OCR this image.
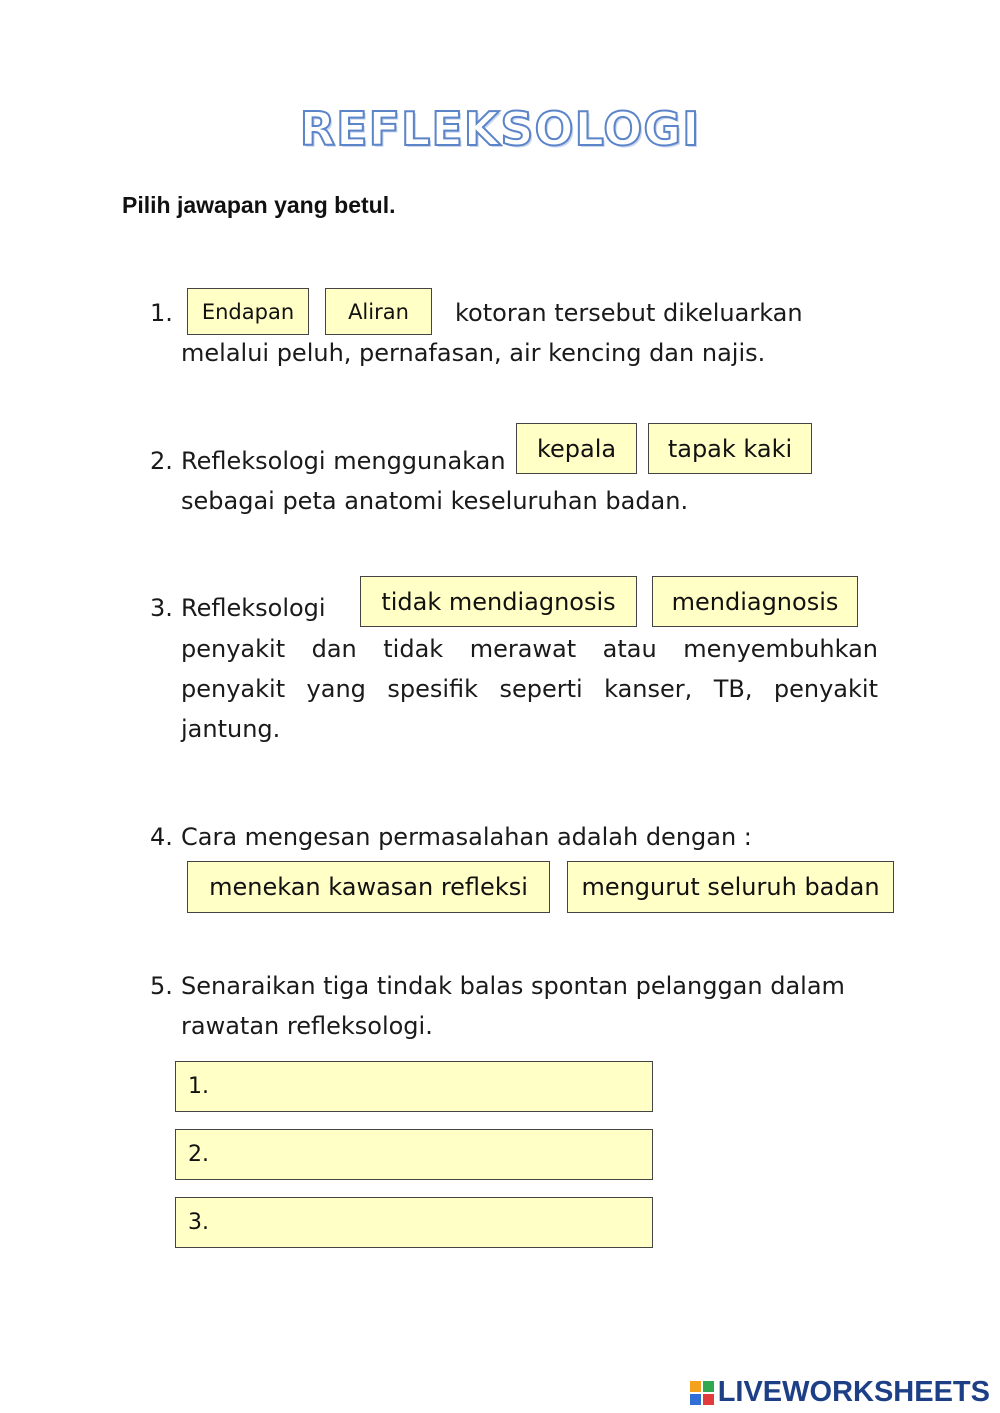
REFLEKSOLOGI
Pilih jawapan yang betul.
1.	Endapan	Aliran	kotoran tersebut dikeluarkan
melalui peluh, pernafasan, air kencing dan najis.
2. Refleksologi menggunakan	kepala	tapak kaki
sebagai peta anatomi keseluruhan badan.
3. Refleksologi	tidak mendiagnosis	mendiagnosis
penyakit dan tidak merawat atau menyembuhkan penyakit yang spesifik seperti kanser, TB, penyakit jantung.
4. Cara mengesan permasalahan adalah dengan :
menekan kawasan refleksi	mengurut seluruh badan
5. Senaraikan tiga tindak balas spontan pelanggan dalam
rawatan refleksologi.
1.
2.
3.
LIVEWORKSHEETS
